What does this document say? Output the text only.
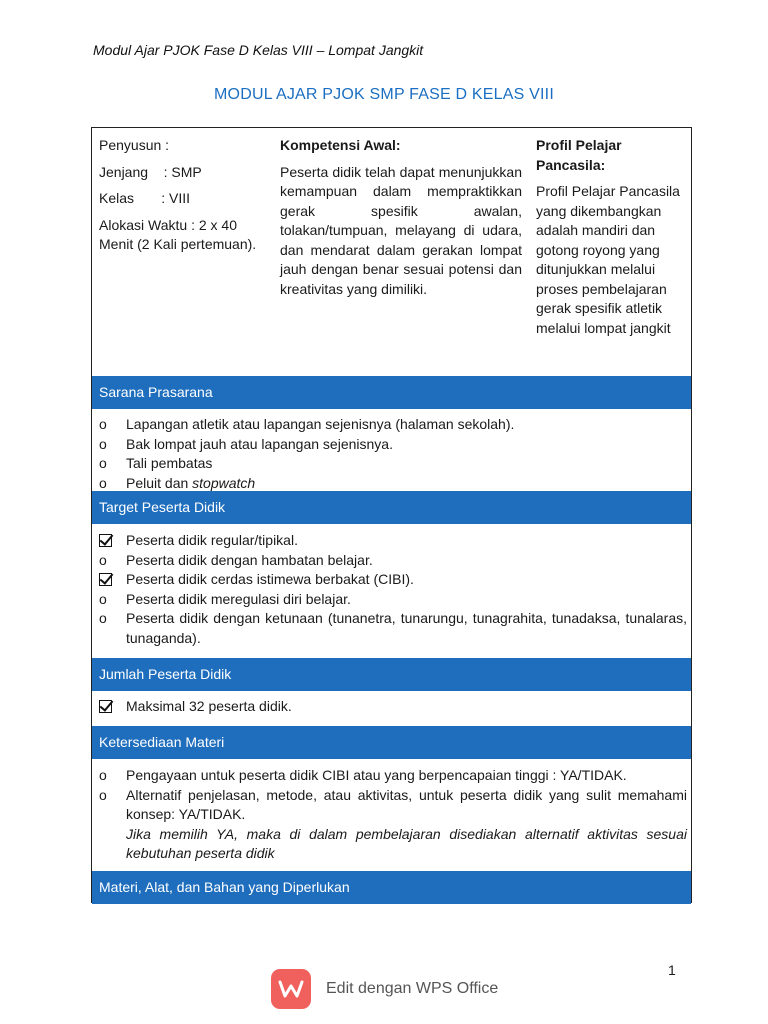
Modul Ajar PJOK Fase D Kelas VIII – Lompat Jangkit
MODUL AJAR PJOK SMP FASE D KELAS VIII

Penyusun :

Jenjang    : SMP

Kelas       : VIII

Alokasi Waktu : 2 x 40 Menit (2 Kali pertemuan).

Kompetensi Awal:

Peserta didik telah dapat menunjukkan kemampuan dalam mempraktikkan gerak spesifik awalan, tolakan/tumpuan, melayang di udara, dan mendarat dalam gerakan lompat jauh dengan benar sesuai potensi dan kreativitas yang dimiliki.

Profil Pelajar Pancasila:

Profil Pelajar Pancasila yang dikembangkan adalah mandiri dan gotong royong yang ditunjukkan melalui proses pembelajaran gerak spesifik atletik melalui lompat jangkit

Sarana Prasarana
o	Lapangan atletik atau lapangan sejenisnya (halaman sekolah).
o	Bak lompat jauh atau lapangan sejenisnya.
o	Tali pembatas
o	Peluit dan stopwatch
Target Peserta Didik
Peserta didik regular/tipikal.
o	Peserta didik dengan hambatan belajar.
Peserta didik cerdas istimewa berbakat (CIBI).
o	Peserta didik meregulasi diri belajar.
o	Peserta didik dengan ketunaan (tunanetra, tunarungu, tunagrahita, tunadaksa, tunalaras, tunaganda).
Jumlah Peserta Didik
Maksimal 32 peserta didik.
Ketersediaan Materi
o	Pengayaan untuk peserta didik CIBI atau yang berpencapaian tinggi : YA/TIDAK.
o	Alternatif penjelasan, metode, atau aktivitas, untuk peserta didik yang sulit memahami konsep: YA/TIDAK.
Jika memilih YA, maka di dalam pembelajaran disediakan alternatif aktivitas sesuai kebutuhan peserta didik
Materi, Alat, dan Bahan yang Diperlukan
1
Edit dengan WPS Office
